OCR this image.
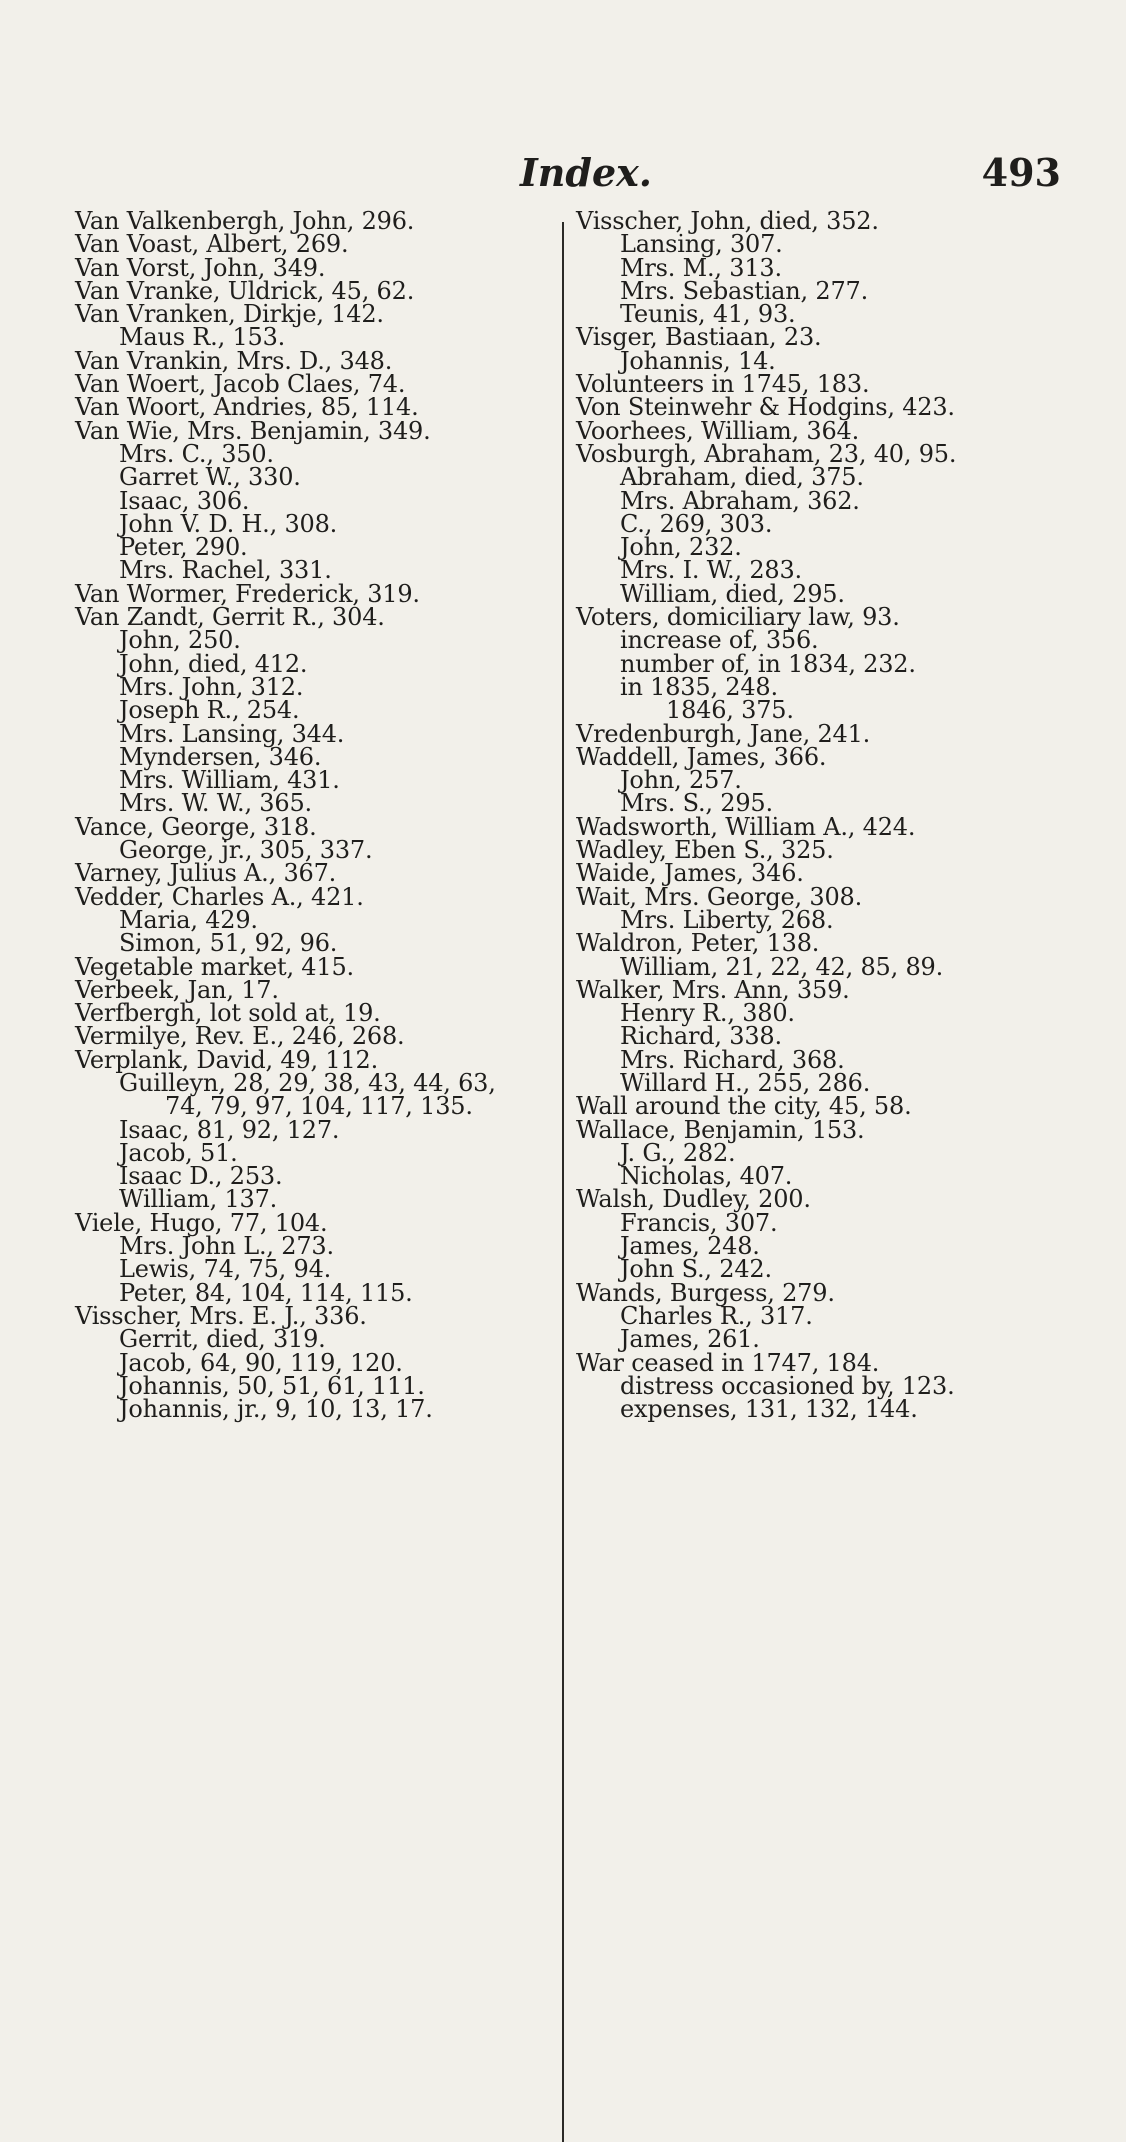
Index.	493
Van Valkenbergh, John, 296.
Van Voast, Albert, 269.
Van Vorst, John, 349.
Van Vranke, Uldrick, 45, 62.
Van Vranken, Dirkje, 142.
Maus R., 153.
Van Vrankin, Mrs. D., 348.
Van Woert, Jacob Claes, 74.
Van Woort, Andries, 85, 114.
Van Wie, Mrs. Benjamin, 349.
Mrs. C., 350.
Garret W., 330.
Isaac, 306.
John V. D. H., 308.
Peter, 290.
Mrs. Rachel, 331.
Van Wormer, Frederick, 319.
Van Zandt, Gerrit R., 304.
John, 250.
John, died, 412.
Mrs. John, 312.
Joseph R., 254.
Mrs. Lansing, 344.
Myndersen, 346.
Mrs. William, 431.
Mrs. W. W., 365.
Vance, George, 318.
George, jr., 305, 337.
Varney, Julius A., 367.
Vedder, Charles A., 421.
Maria, 429.
Simon, 51, 92, 96.
Vegetable market, 415.
Verbeek, Jan, 17.
Verfbergh, lot sold at, 19.
Vermilye, Rev. E., 246, 268.
Verplank, David, 49, 112.
Guilleyn, 28, 29, 38, 43, 44, 63,
74, 79, 97, 104, 117, 135.
Isaac, 81, 92, 127.
Jacob, 51.
Isaac D., 253.
William, 137.
Viele, Hugo, 77, 104.
Mrs. John L., 273.
Lewis, 74, 75, 94.
Peter, 84, 104, 114, 115.
Visscher, Mrs. E. J., 336.
Gerrit, died, 319.
Jacob, 64, 90, 119, 120.
Johannis, 50, 51, 61, 111.
Johannis, jr., 9, 10, 13, 17.
Visscher, John, died, 352.
Lansing, 307.
Mrs. M., 313.
Mrs. Sebastian, 277.
Teunis, 41, 93.
Visger, Bastiaan, 23.
Johannis, 14.
Volunteers in 1745, 183.
Von Steinwehr & Hodgins, 423.
Voorhees, William, 364.
Vosburgh, Abraham, 23, 40, 95.
Abraham, died, 375.
Mrs. Abraham, 362.
C., 269, 303.
John, 232.
Mrs. I. W., 283.
William, died, 295.
Voters, domiciliary law, 93.
increase of, 356.
number of, in 1834, 232.
in 1835, 248.
1846, 375.
Vredenburgh, Jane, 241.
Waddell, James, 366.
John, 257.
Mrs. S., 295.
Wadsworth, William A., 424.
Wadley, Eben S., 325.
Waide, James, 346.
Wait, Mrs. George, 308.
Mrs. Liberty, 268.
Waldron, Peter, 138.
William, 21, 22, 42, 85, 89.
Walker, Mrs. Ann, 359.
Henry R., 380.
Richard, 338.
Mrs. Richard, 368.
Willard H., 255, 286.
Wall around the city, 45, 58.
Wallace, Benjamin, 153.
J. G., 282.
Nicholas, 407.
Walsh, Dudley, 200.
Francis, 307.
James, 248.
John S., 242.
Wands, Burgess, 279.
Charles R., 317.
James, 261.
War ceased in 1747, 184.
distress occasioned by, 123.
expenses, 131, 132, 144.
